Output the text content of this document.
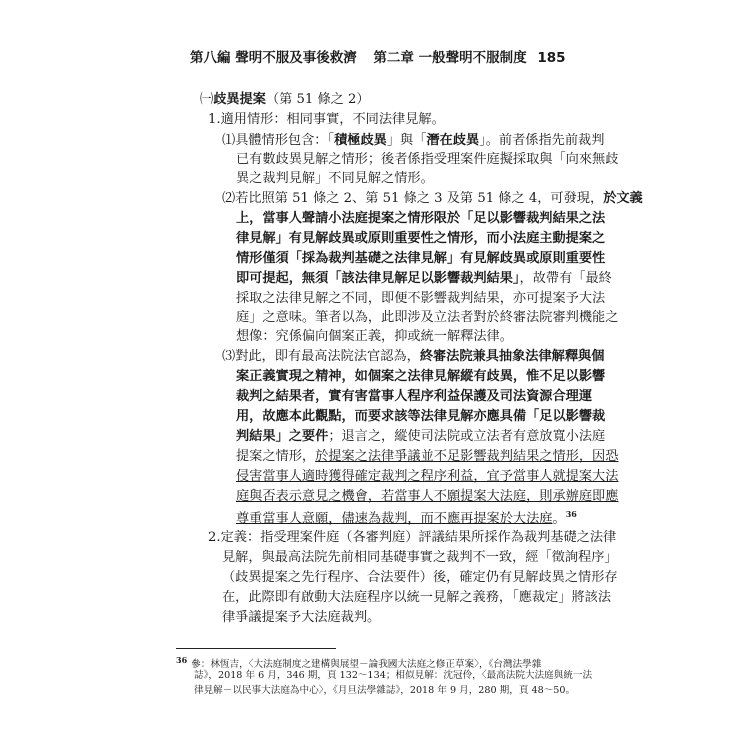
第八編 聲明不服及事後救濟 第二章 一般聲明不服制度 185
㈠歧異提案（第 51 條之 2）
1.適用情形：相同事實，不同法律見解。
⑴具體情形包含：「積極歧異」與「潛在歧異」。前者係指先前裁判
已有數歧異見解之情形；後者係指受理案件庭擬採取與「向來無歧
異之裁判見解」不同見解之情形。
⑵若比照第 51 條之 2、第 51 條之 3 及第 51 條之 4，可發現，於文義
上，當事人聲請小法庭提案之情形限於「足以影響裁判結果之法
律見解」有見解歧異或原則重要性之情形，而小法庭主動提案之
情形僅須「採為裁判基礎之法律見解」有見解歧異或原則重要性
即可提起，無須「該法律見解足以影響裁判結果」，故帶有「最終
採取之法律見解之不同，即便不影響裁判結果，亦可提案予大法
庭」之意味。筆者以為，此即涉及立法者對於終審法院審判機能之
想像：究係偏向個案正義，抑或統一解釋法律。
⑶對此，即有最高法院法官認為，終審法院兼具抽象法律解釋與個
案正義實現之精神，如個案之法律見解縱有歧異，惟不足以影響
裁判之結果者，實有害當事人程序利益保護及司法資源合理運
用，故應本此觀點，而要求該等法律見解亦應具備「足以影響裁
判結果」之要件；退言之，縱使司法院或立法者有意放寬小法庭
提案之情形，於提案之法律爭議並不足影響裁判結果之情形，因恐
侵害當事人適時獲得確定裁判之程序利益，宜予當事人就提案大法
庭與否表示意見之機會，若當事人不願提案大法庭，則承辦庭即應
尊重當事人意願，儘速為裁判，而不應再提案於大法庭。$^{36}$
2.定義：指受理案件庭（各審判庭）評議結果所採作為裁判基礎之法律
見解，與最高法院先前相同基礎事實之裁判不一致，經「徵詢程序」
（歧異提案之先行程序、合法要件）後，確定仍有見解歧異之情形存
在，此際即有啟動大法庭程序以統一見解之義務，「應裁定」將該法
律爭議提案予大法庭裁判。
$^{36}$ 參：林恆吉，〈大法庭制度之建構與展望－論我國大法庭之修正草案〉，《台灣法學雜
誌》，2018 年 6 月，346 期，頁 132～134；相似見解：沈冠伶，〈最高法院大法庭與統一法
律見解－以民事大法庭為中心〉，《月旦法學雜誌》，2018 年 9 月，280 期，頁 48～50。
